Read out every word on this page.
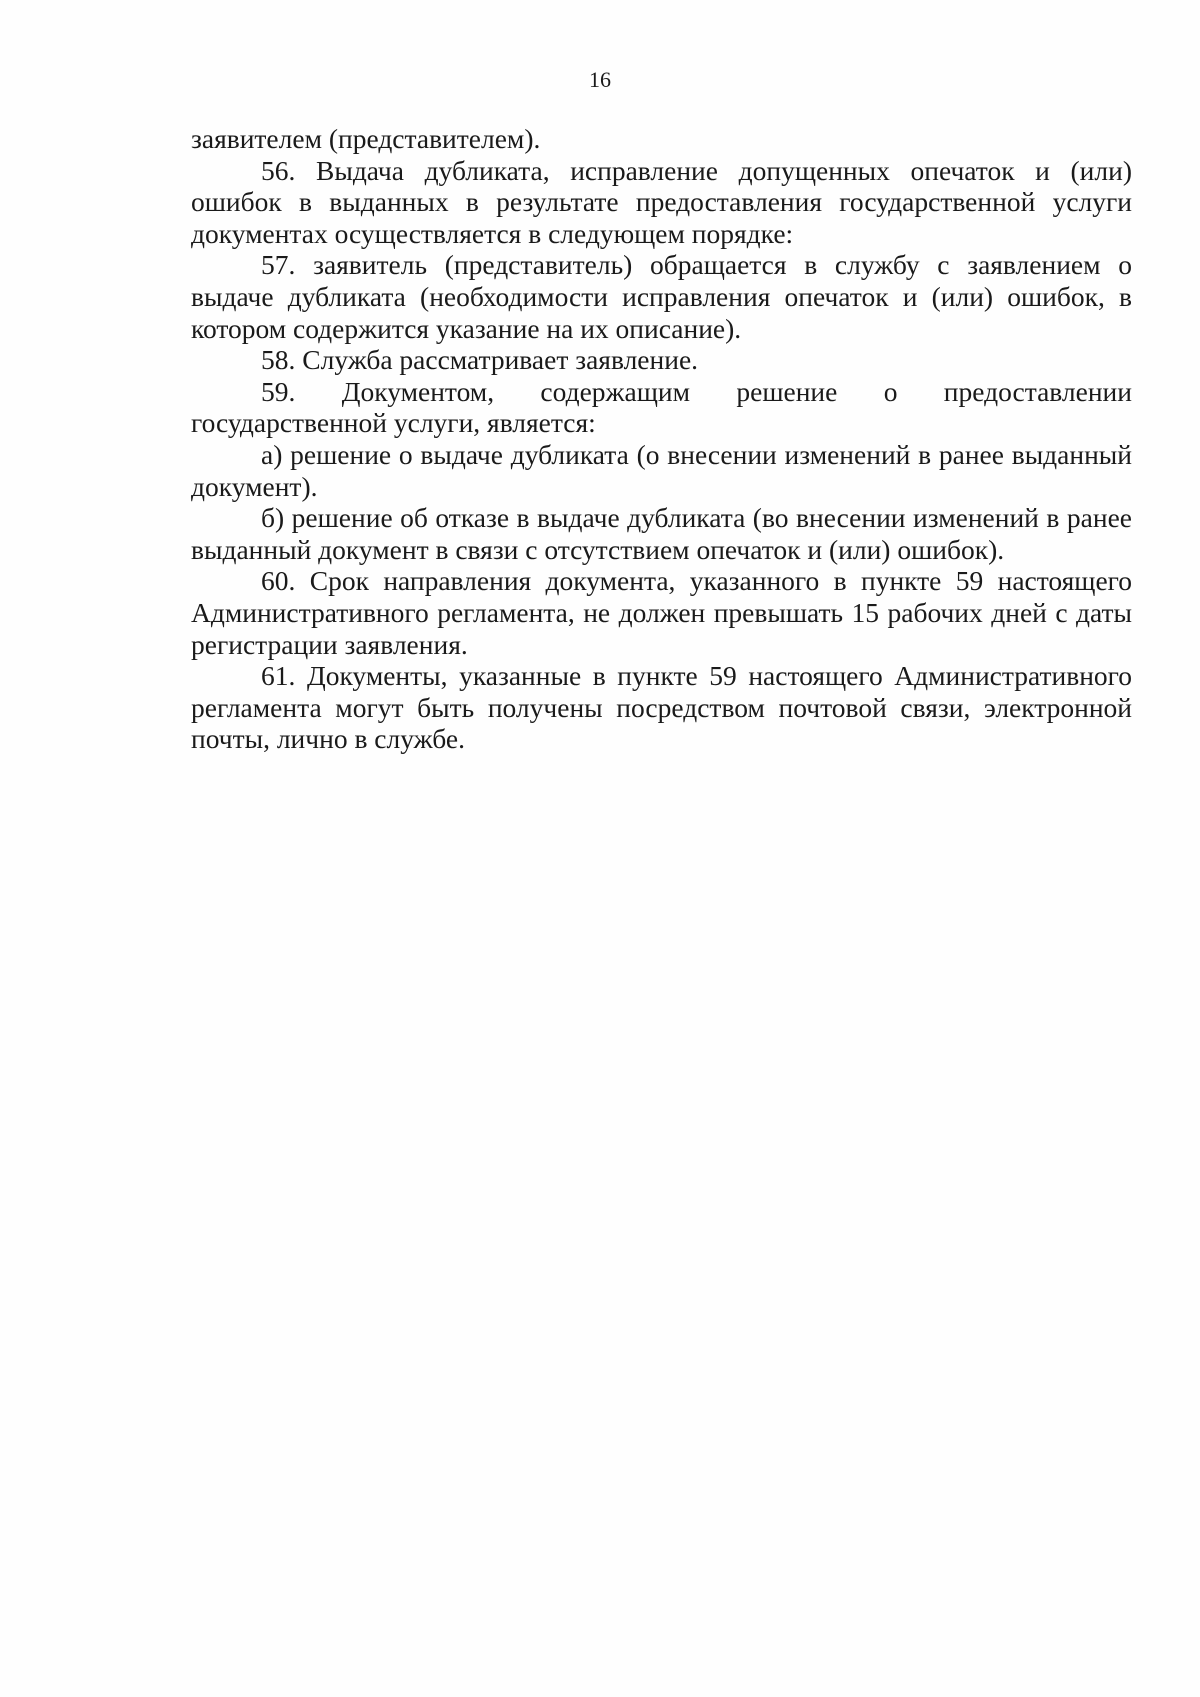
16

заявителем (представителем).

56. Выдача дубликата, исправление допущенных опечаток и (или) ошибок в выданных в результате предоставления государственной услуги документах осуществляется в следующем порядке:

57. заявитель (представитель) обращается в службу с заявлением о выдаче дубликата (необходимости исправления опечаток и (или) ошибок, в котором содержится указание на их описание).

58. Служба рассматривает заявление.

59. Документом, содержащим решение о предоставлении государственной услуги, является:

а) решение о выдаче дубликата (о внесении изменений в ранее выданный документ).

б) решение об отказе в выдаче дубликата (во внесении изменений в ранее выданный документ в связи с отсутствием опечаток и (или) ошибок).

60. Срок направления документа, указанного в пункте 59 настоящего Административного регламента, не должен превышать 15 рабочих дней с даты регистрации заявления.

61. Документы, указанные в пункте 59 настоящего Административного регламента могут быть получены посредством почтовой связи, электронной почты, лично в службе.
